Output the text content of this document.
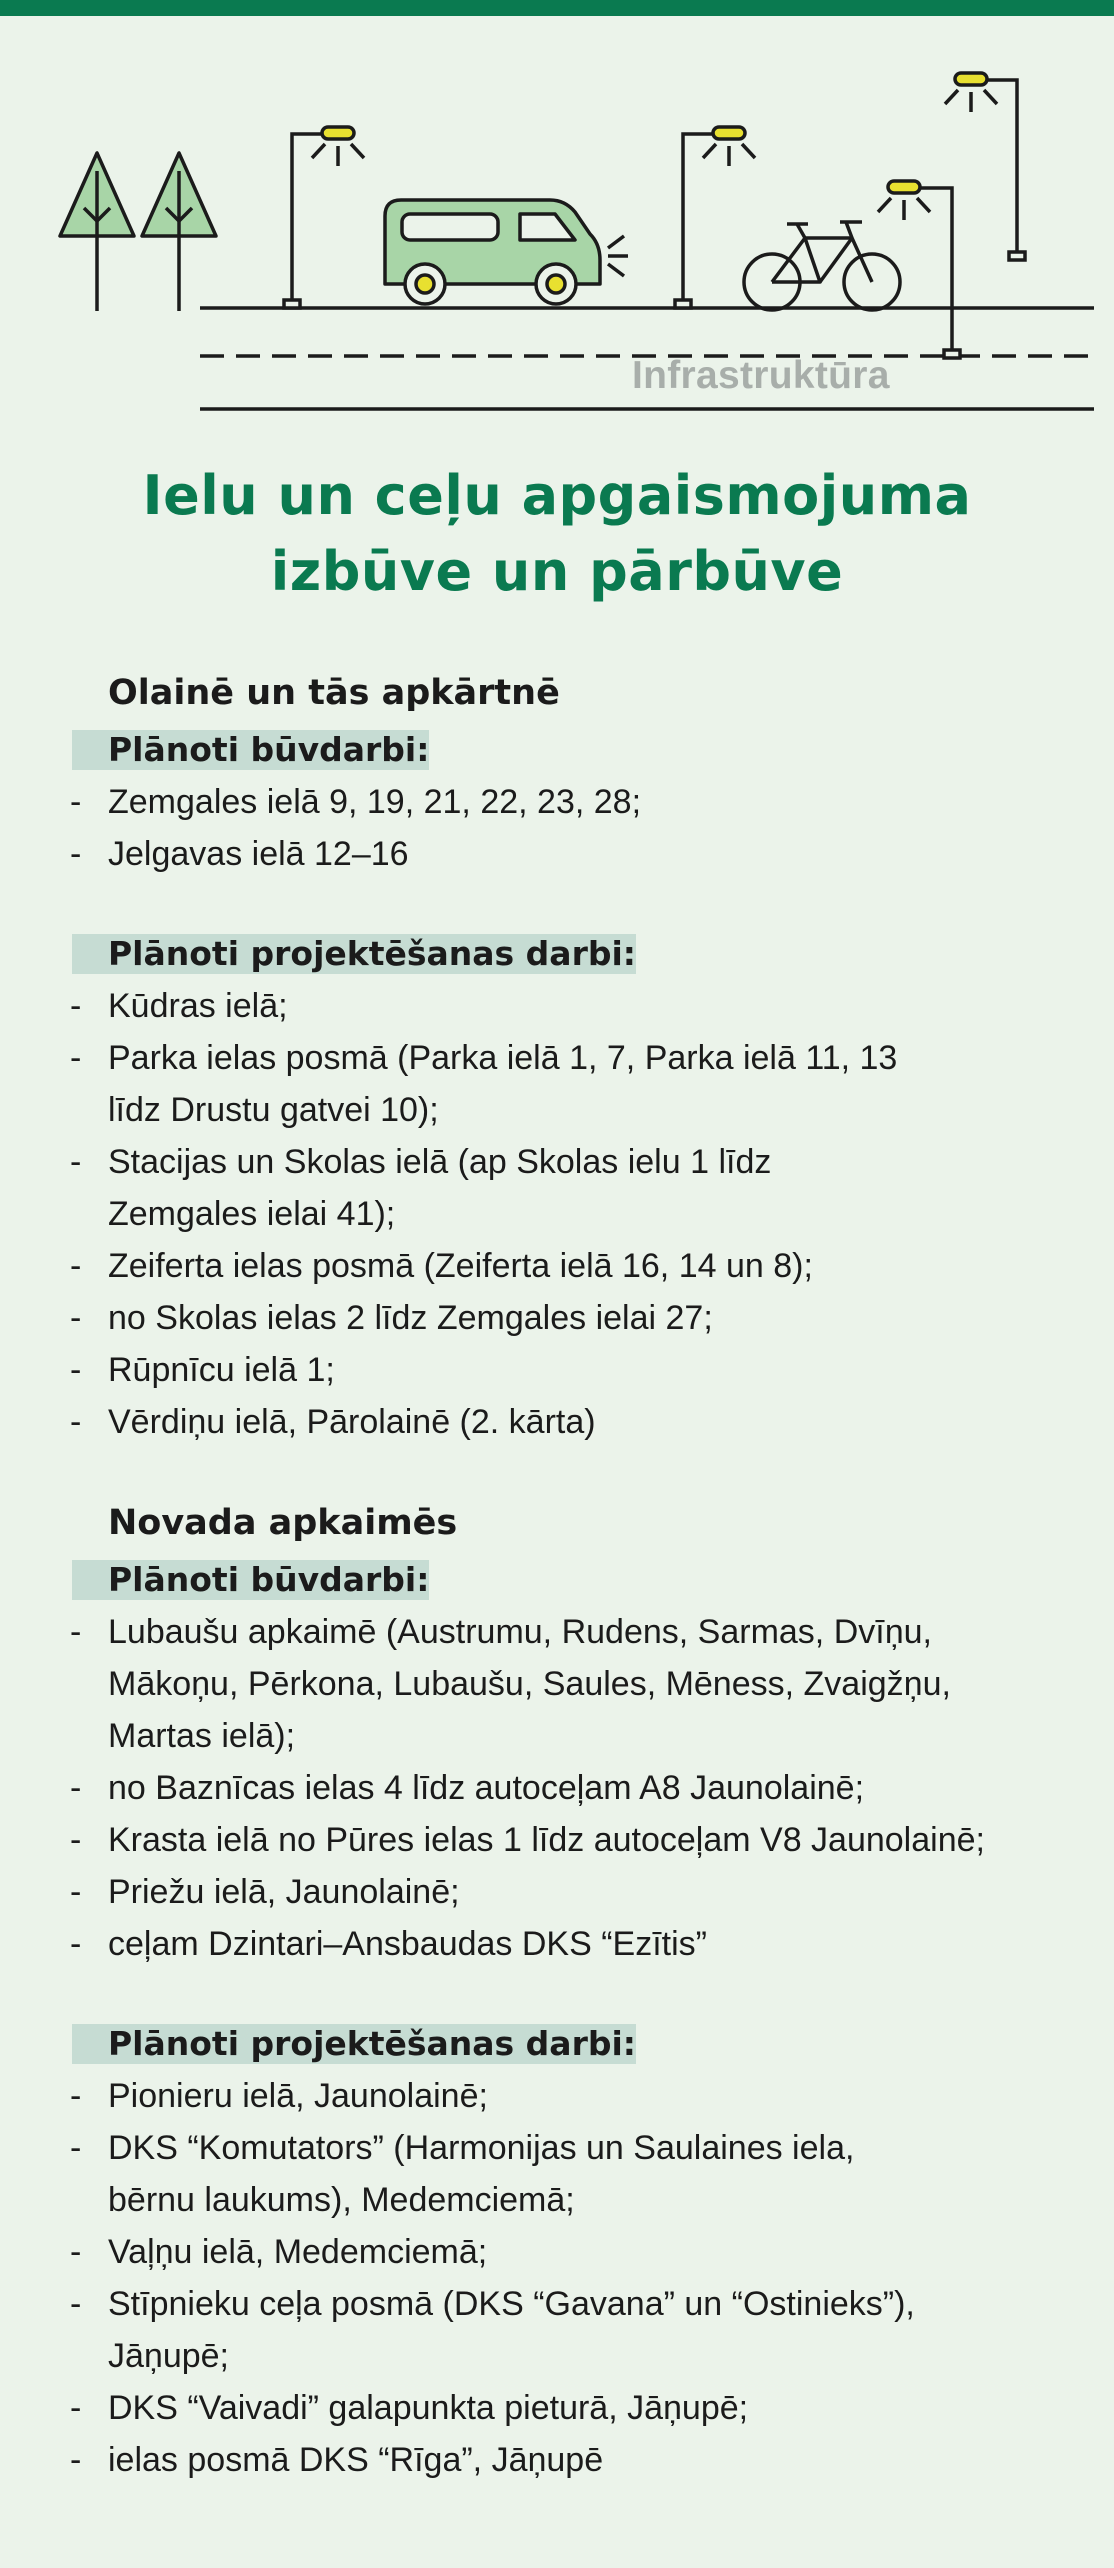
Infrastruktūra
Ielu un ceļu apgaismojuma
izbūve un pārbūve
Olainē un tās apkārtnē
Plānoti būvdarbi:
- Zemgales ielā 9, 19, 21, 22, 23, 28;
- Jelgavas ielā 12–16
Plānoti projektēšanas darbi:
- Kūdras ielā;
- Parka ielas posmā (Parka ielā 1, 7, Parka ielā 11, 13
līdz Drustu gatvei 10);
- Stacijas un Skolas ielā (ap Skolas ielu 1 līdz
Zemgales ielai 41);
- Zeiferta ielas posmā (Zeiferta ielā 16, 14 un 8);
- no Skolas ielas 2 līdz Zemgales ielai 27;
- Rūpnīcu ielā 1;
- Vērdiņu ielā, Pārolainē (2. kārta)
Novada apkaimēs
Plānoti būvdarbi:
- Lubaušu apkaimē (Austrumu, Rudens, Sarmas, Dvīņu,
Mākoņu, Pērkona, Lubaušu, Saules, Mēness, Zvaigžņu,
Martas ielā);
- no Baznīcas ielas 4 līdz autoceļam A8 Jaunolainē;
- Krasta ielā no Pūres ielas 1 līdz autoceļam V8 Jaunolainē;
- Priežu ielā, Jaunolainē;
- ceļam Dzintari–Ansbaudas DKS “Ezītis”
Plānoti projektēšanas darbi:
- Pionieru ielā, Jaunolainē;
- DKS “Komutators” (Harmonijas un Saulaines iela,
bērnu laukums), Medemciemā;
- Vaļņu ielā, Medemciemā;
- Stīpnieku ceļa posmā (DKS “Gavana” un “Ostinieks”),
Jāņupē;
- DKS “Vaivadi” galapunkta pieturā, Jāņupē;
- ielas posmā DKS “Rīga”, Jāņupē
